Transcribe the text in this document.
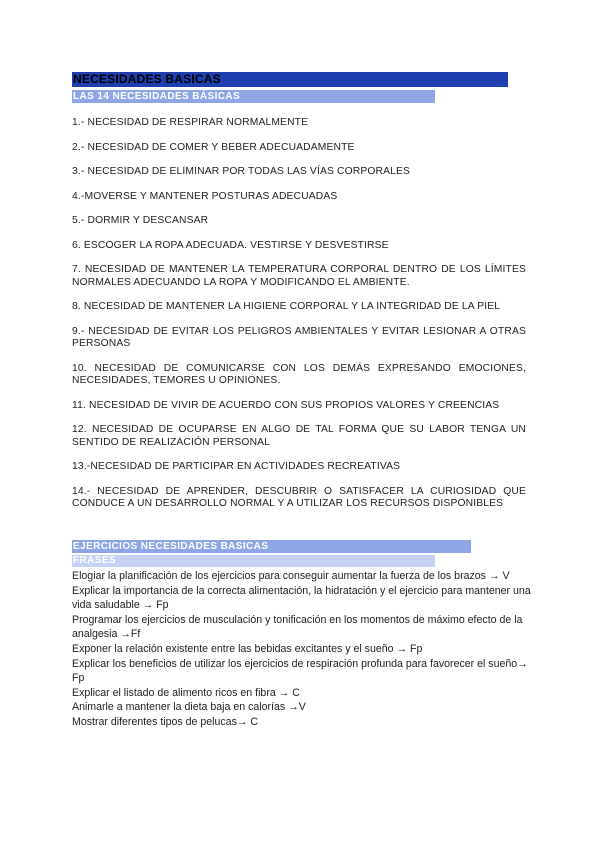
NECESIDADES BASICAS
LAS 14 NECESIDADES BÁSICAS

1.- NECESIDAD DE RESPIRAR NORMALMENTE

2.- NECESIDAD DE COMER Y BEBER ADECUADAMENTE

3.- NECESIDAD DE ELIMINAR POR TODAS LAS VÍAS CORPORALES

4.-MOVERSE Y MANTENER POSTURAS ADECUADAS

5.- DORMIR Y DESCANSAR

6. ESCOGER LA ROPA ADECUADA. VESTIRSE Y DESVESTIRSE

7. NECESIDAD DE MANTENER LA TEMPERATURA CORPORAL DENTRO DE LOS LÍMITES NORMALES ADECUANDO LA ROPA Y MODIFICANDO EL AMBIENTE.

8. NECESIDAD DE MANTENER LA HIGIENE CORPORAL Y LA INTEGRIDAD DE LA PIEL

9.- NECESIDAD DE EVITAR LOS PELIGROS AMBIENTALES Y EVITAR LESIONAR A OTRAS PERSONAS

10. NECESIDAD DE COMUNICARSE CON LOS DEMÁS EXPRESANDO EMOCIONES, NECESIDADES, TEMORES U OPINIONES.

11. NECESIDAD DE VIVIR DE ACUERDO CON SUS PROPIOS VALORES Y CREENCIAS

12. NECESIDAD DE OCUPARSE EN ALGO DE TAL FORMA QUE SU LABOR TENGA UN SENTIDO DE REALIZACIÓN PERSONAL

13.-NECESIDAD DE PARTICIPAR EN ACTIVIDADES RECREATIVAS

14.- NECESIDAD DE APRENDER, DESCUBRIR O SATISFACER LA CURIOSIDAD QUE CONDUCE A UN DESARROLLO NORMAL Y A UTILIZAR LOS RECURSOS DISPONIBLES

EJERCICIOS NECESIDADES BASICAS
FRASES

Elogiar la planificación de los ejercicios para conseguir aumentar la fuerza de los brazos → V

Explicar la importancia de la correcta alimentación, la hidratación y el ejercicio para mantener una vida saludable → Fp

Programar los ejercicios de musculación y tonificación en los momentos de máximo efecto de la analgesia →Ff

Exponer la relación existente entre las bebidas excitantes y el sueño → Fp

Explicar los beneficios de utilizar los ejercicios de respiración profunda para favorecer el sueño→ Fp

Explicar el listado de alimento ricos en fibra → C

Animarle a mantener la dieta baja en calorías →V

Mostrar diferentes tipos de pelucas→ C
